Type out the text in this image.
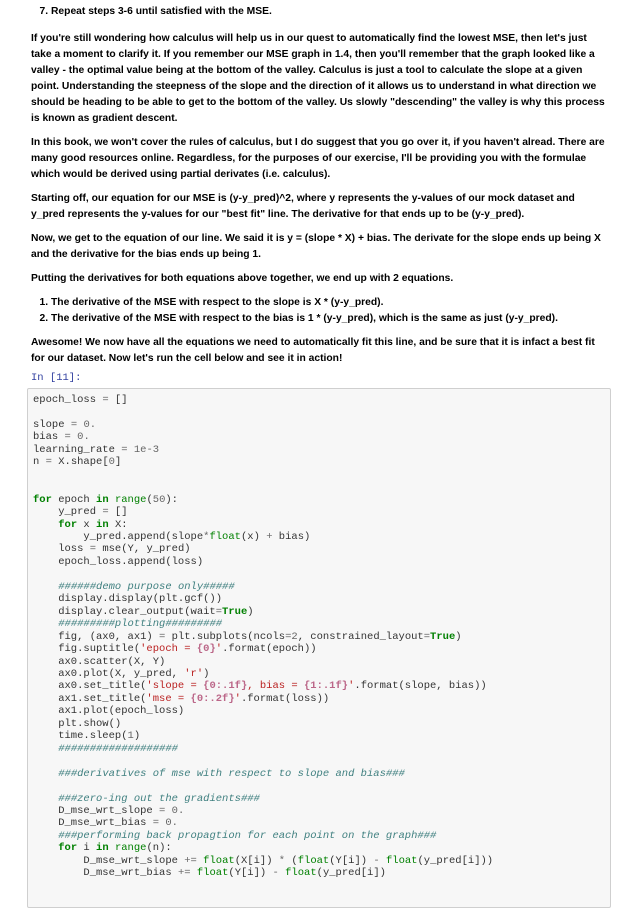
7. Repeat steps 3-6 until satisfied with the MSE.

If you're still wondering how calculus will help us in our quest to automatically find the lowest MSE, then let's just take a moment to clarify it. If you remember our MSE graph in 1.4, then you'll remember that the graph looked like a valley - the optimal value being at the bottom of the valley. Calculus is just a tool to calculate the slope at a given point. Understanding the steepness of the slope and the direction of it allows us to understand in what direction we should be heading to be able to get to the bottom of the valley. Us slowly "descending" the valley is why this process is known as gradient descent.

In this book, we won't cover the rules of calculus, but I do suggest that you go over it, if you haven't alread. There are many good resources online. Regardless, for the purposes of our exercise, I'll be providing you with the formulae which would be derived using partial derivates (i.e. calculus).

Starting off, our equation for our MSE is (y-y_pred)^2, where y represents the y-values of our mock dataset and y_pred represents the y-values for our "best fit" line. The derivative for that ends up to be (y-y_pred).

Now, we get to the equation of our line. We said it is y = (slope * X) + bias. The derivate for the slope ends up being X and the derivative for the bias ends up being 1.

Putting the derivatives for both equations above together, we end up with 2 equations.

1. The derivative of the MSE with respect to the slope is X * (y-y_pred).
2. The derivative of the MSE with respect to the bias is 1 * (y-y_pred), which is the same as just (y-y_pred).

Awesome! We now have all the equations we need to automatically fit this line, and be sure that it is infact a best fit for our dataset. Now let's run the cell below and see it in action!

In [11]:
epoch_loss = []

slope = 0.
bias = 0.
learning_rate = 1e-3
n = X.shape[0]

for epoch in range(50):
y_pred = []
for x in X:
y_pred.append(slope*float(x) + bias)
loss = mse(Y, y_pred)
epoch_loss.append(loss)

######demo purpose only#####
display.display(plt.gcf())
display.clear_output(wait=True)
#########plotting#########
fig, (ax0, ax1) = plt.subplots(ncols=2, constrained_layout=True)
fig.suptitle('epoch = {0}'.format(epoch))
ax0.scatter(X, Y)
ax0.plot(X, y_pred, 'r')
ax0.set_title('slope = {0:.1f}, bias = {1:.1f}'.format(slope, bias))
ax1.set_title('mse = {0:.2f}'.format(loss))
ax1.plot(epoch_loss)
plt.show()
time.sleep(1)
###################

###derivatives of mse with respect to slope and bias###

###zero-ing out the gradients###
D_mse_wrt_slope = 0.
D_mse_wrt_bias = 0.
###performing back propagtion for each point on the graph###
for i in range(n):
D_mse_wrt_slope += float(X[i]) * (float(Y[i]) - float(y_pred[i]))
D_mse_wrt_bias += float(Y[i]) - float(y_pred[i])
